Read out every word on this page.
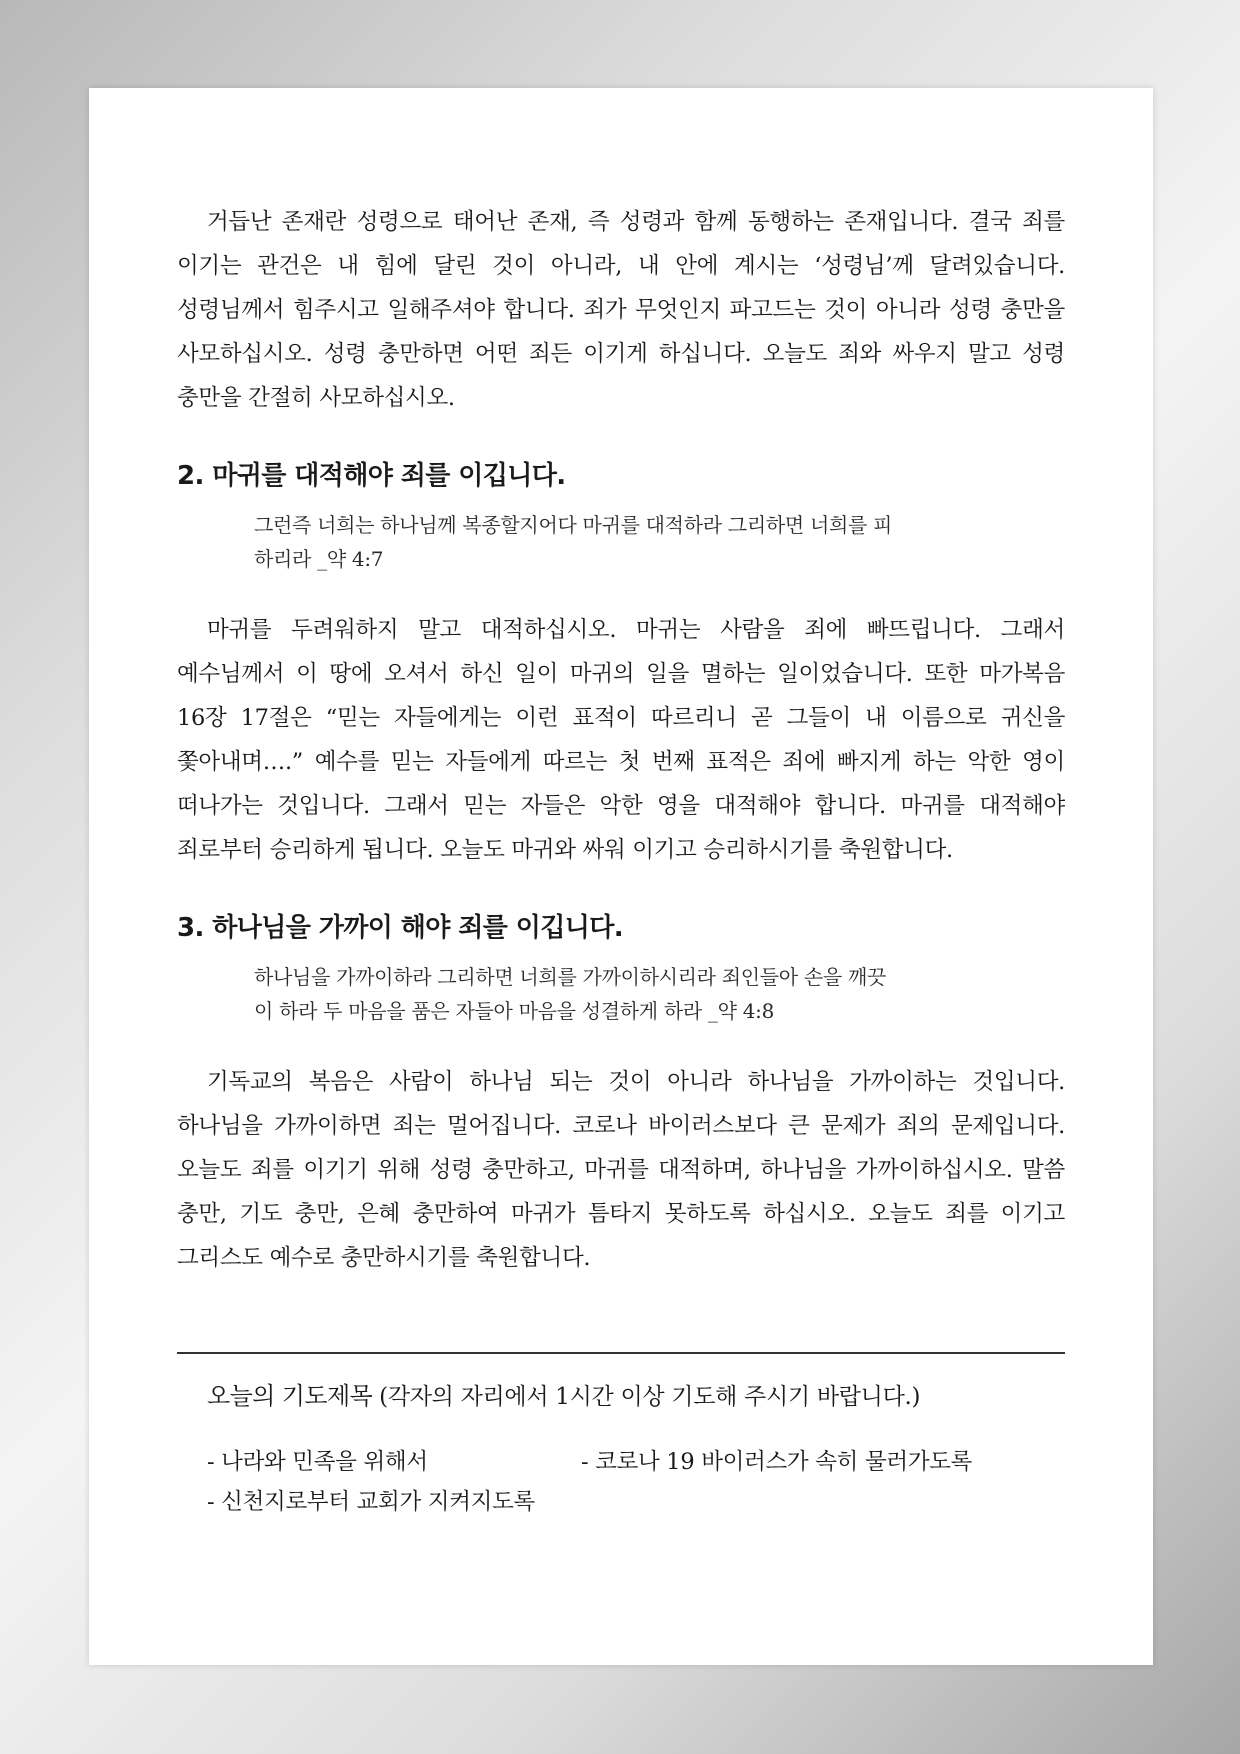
거듭난 존재란 성령으로 태어난 존재, 즉 성령과 함께 동행하는 존재입니다. 결국 죄를 이기는 관건은 내 힘에 달린 것이 아니라, 내 안에 계시는 ‘성령님’께 달려있습니다. 성령님께서 힘주시고 일해주셔야 합니다. 죄가 무엇인지 파고드는 것이 아니라 성령 충만을 사모하십시오. 성령 충만하면 어떤 죄든 이기게 하십니다. 오늘도 죄와 싸우지 말고 성령 충만을 간절히 사모하십시오.

2. 마귀를 대적해야 죄를 이깁니다.
그런즉 너희는 하나님께 복종할지어다 마귀를 대적하라 그리하면 너희를 피
하리라 _약 4:7

마귀를 두려워하지 말고 대적하십시오. 마귀는 사람을 죄에 빠뜨립니다. 그래서 예수님께서 이 땅에 오셔서 하신 일이 마귀의 일을 멸하는 일이었습니다. 또한 마가복음 16장 17절은 “믿는 자들에게는 이런 표적이 따르리니 곧 그들이 내 이름으로 귀신을 쫓아내며….” 예수를 믿는 자들에게 따르는 첫 번째 표적은 죄에 빠지게 하는 악한 영이 떠나가는 것입니다. 그래서 믿는 자들은 악한 영을 대적해야 합니다. 마귀를 대적해야 죄로부터 승리하게 됩니다. 오늘도 마귀와 싸워 이기고 승리하시기를 축원합니다.

3. 하나님을 가까이 해야 죄를 이깁니다.
하나님을 가까이하라 그리하면 너희를 가까이하시리라 죄인들아 손을 깨끗
이 하라 두 마음을 품은 자들아 마음을 성결하게 하라 _약 4:8

기독교의 복음은 사람이 하나님 되는 것이 아니라 하나님을 가까이하는 것입니다. 하나님을 가까이하면 죄는 멀어집니다. 코로나 바이러스보다 큰 문제가 죄의 문제입니다. 오늘도 죄를 이기기 위해 성령 충만하고, 마귀를 대적하며, 하나님을 가까이하십시오. 말씀 충만, 기도 충만, 은혜 충만하여 마귀가 틈타지 못하도록 하십시오. 오늘도 죄를 이기고 그리스도 예수로 충만하시기를 축원합니다.

오늘의 기도제목 (각자의 자리에서 1시간 이상 기도해 주시기 바랍니다.)
- 나라와 민족을 위해서	- 코로나 19 바이러스가 속히 물러가도록
- 신천지로부터 교회가 지켜지도록
